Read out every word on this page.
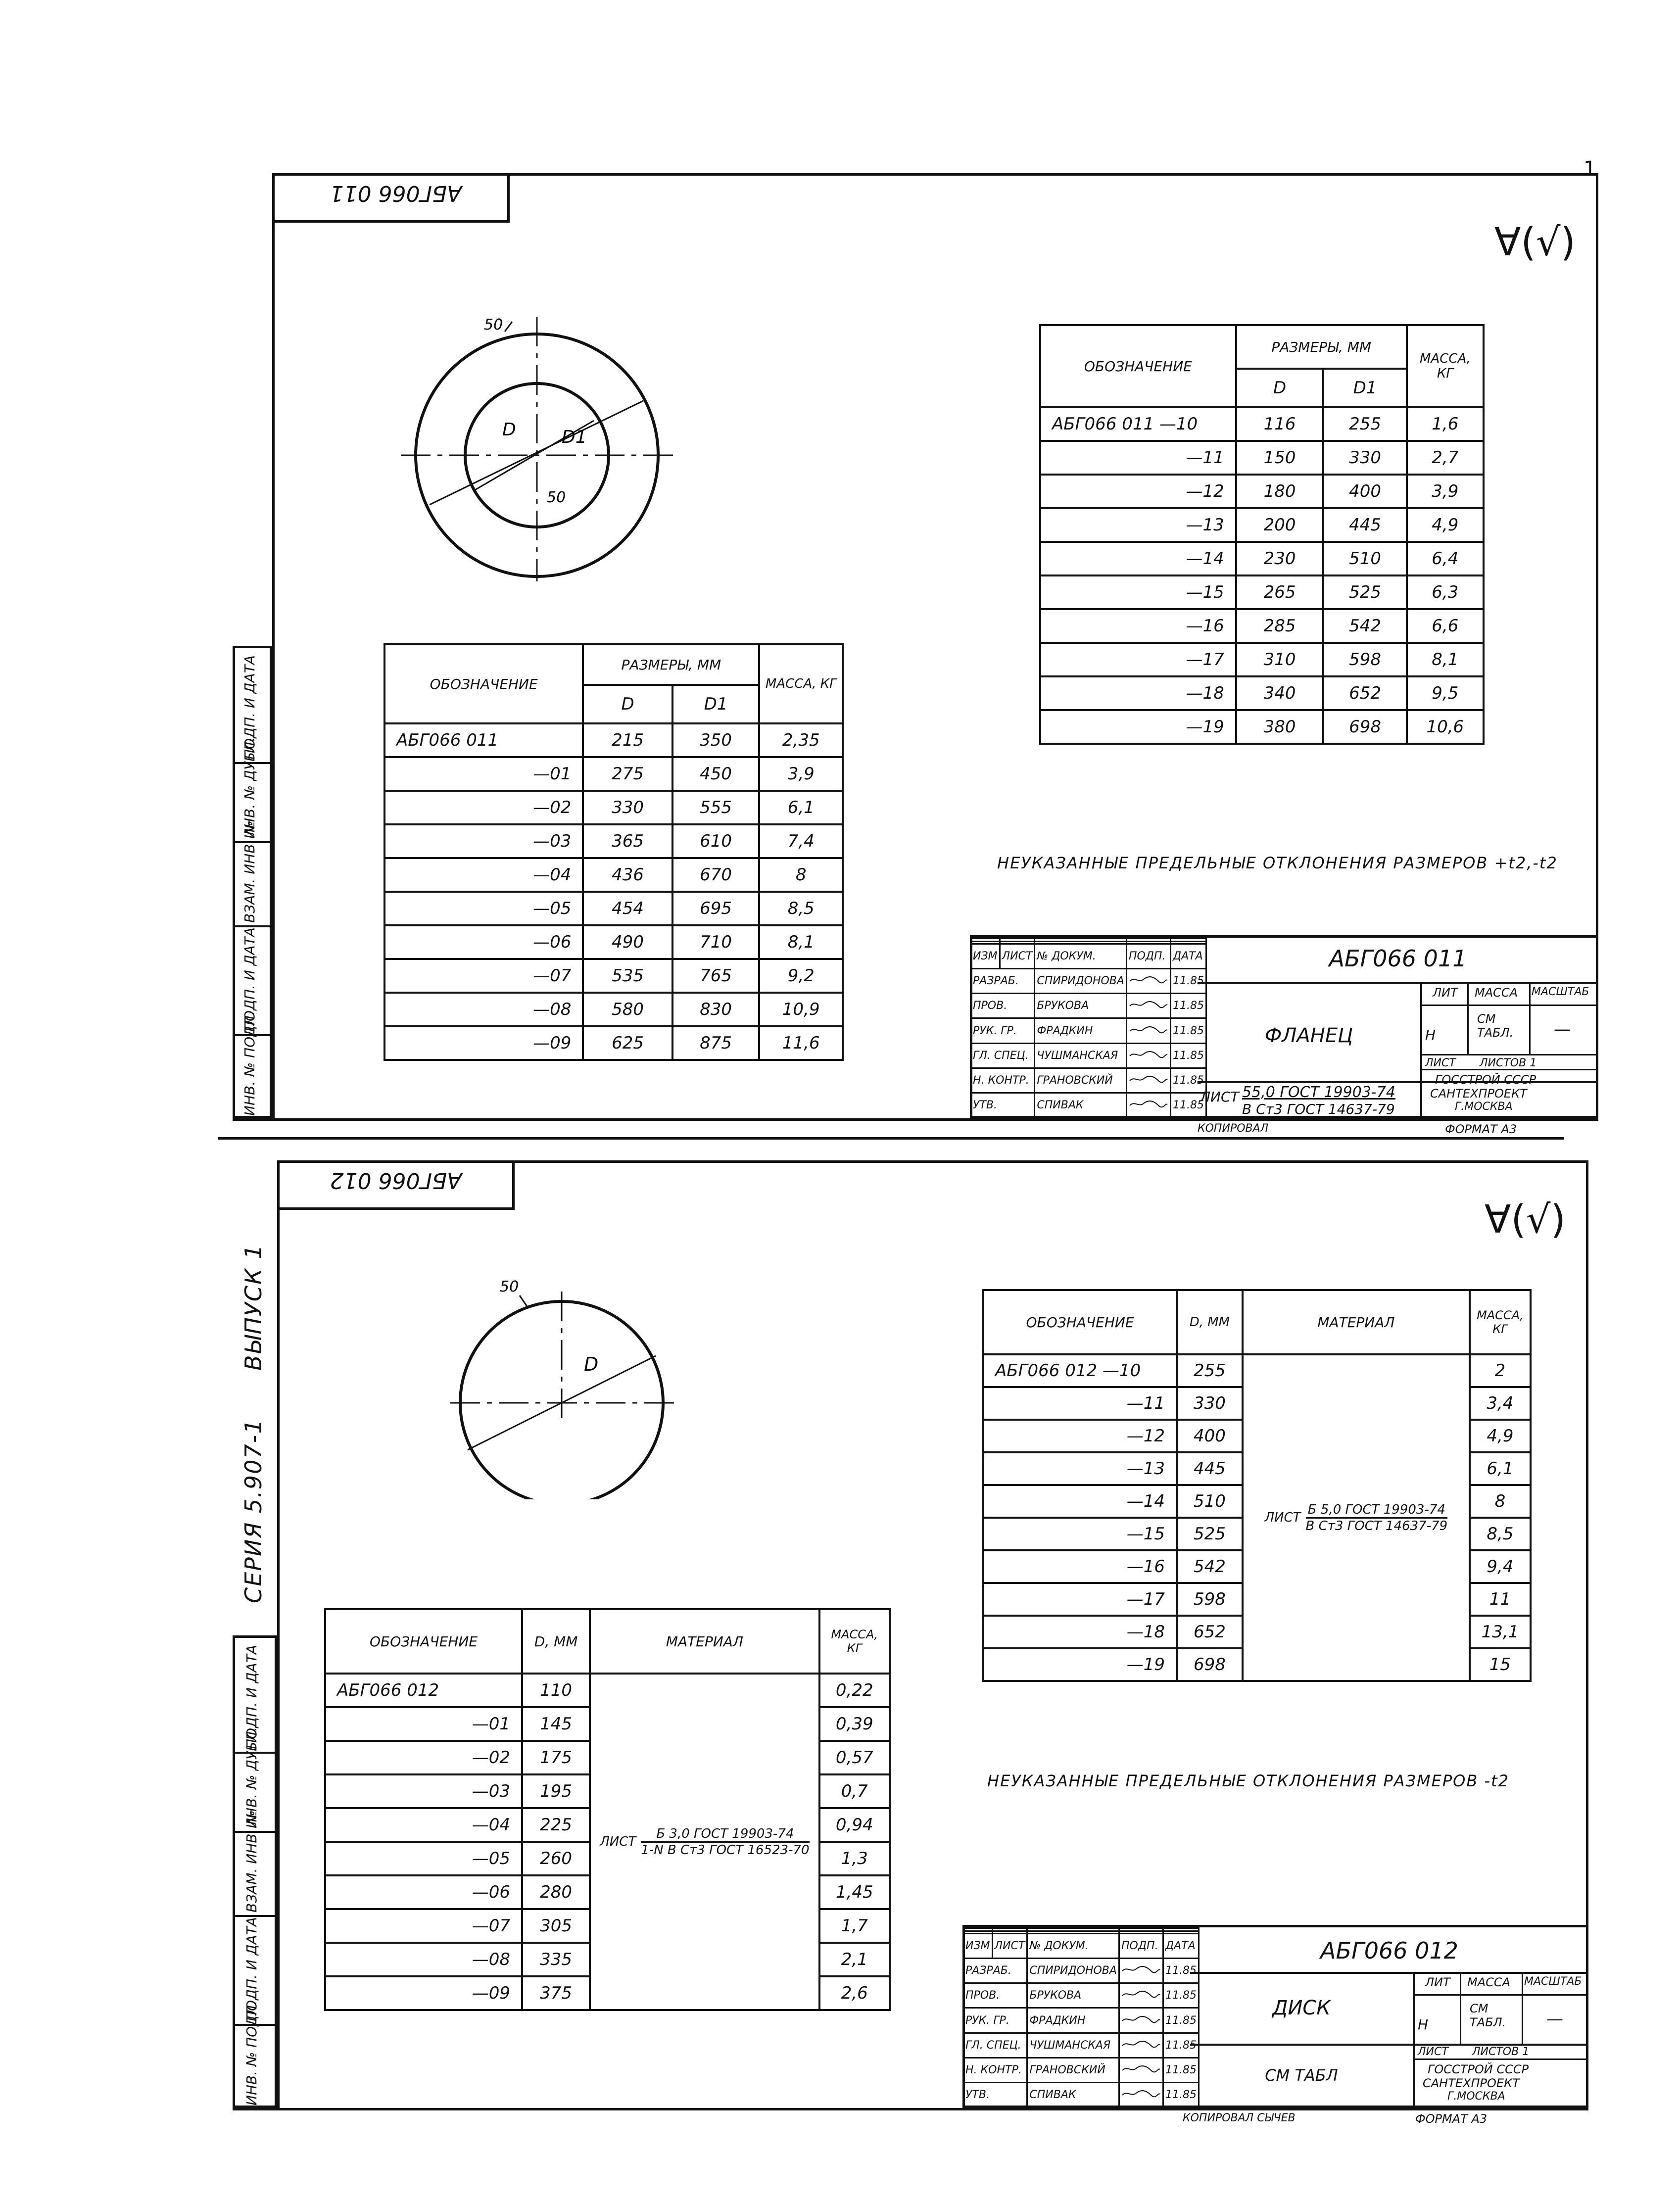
1
АБГ066 011
∀(√)
ИНВ. № ПОДЛ.
ПОДП. И ДАТА
ВЗАМ. ИНВ. №
ИНВ. № ДУБЛ.
ПОДП. И ДАТА
50
50
D	D1
ОБОЗНАЧЕНИЕ	РАЗМЕРЫ, ММ		МАССА, КГ
	D	D1	
АБГ066 011	215	350	2,35
—01	275	450	3,9
—02	330	555	6,1
—03	365	610	7,4
—04	436	670	8
—05	454	695	8,5
—06	490	710	8,1
—07	535	765	9,2
—08	580	830	10,9
—09	625	875	11,6
ОБОЗНАЧЕНИЕ	РАЗМЕРЫ, ММ		МАССА, КГ
	D	D1	
АБГ066 011 —10	116	255	1,6
—11	150	330	2,7
—12	180	400	3,9
—13	200	445	4,9
—14	230	510	6,4
—15	265	525	6,3
—16	285	542	6,6
—17	310	598	8,1
—18	340	652	9,5
—19	380	698	10,6
НЕУКАЗАННЫЕ ПРЕДЕЛЬНЫЕ ОТКЛОНЕНИЯ РАЗМЕРОВ +t2,-t2

ИЗМ	ЛИСТ	№ ДОКУМ.	ПОДП.	ДАТА
РАЗРАБ.		СПИРИДОНОВА		11.85
ПРОВ.		БРУКОВА		11.85
РУК. ГР.		ФРАДКИН		11.85
ГЛ. СПЕЦ.		ЧУШМАНСКАЯ		11.85
Н. КОНТР.		ГРАНОВСКИЙ		11.85
УТВ.		СПИВАК		11.85
АБГ066 011
ФЛАНЕЦ
ЛИСТ 55,0 ГОСТ 19903-74
В Ст3 ГОСТ 14637-79
ЛИТ МАССА МАСШТАБ
Н
СМ ТАБЛ.	—
ЛИСТ ЛИСТОВ 1
ГОССТРОЙ СССР
САНТЕХПРОЕКТ
Г.МОСКВА
КОПИРОВАЛ	ФОРМАТ А3
АБГ066 012
∀(√)
СЕРИЯ 5.907-1
ВЫПУСК 1
ИНВ. № ПОДЛ.
ПОДП. И ДАТА
ВЗАМ. ИНВ. №
ИНВ. № ДУБЛ.
ПОДП. И ДАТА
50
D
ОБОЗНАЧЕНИЕ	D, ММ	МАТЕРИАЛ	МАССА, КГ
АБГ066 012	110	ЛИСТ
Б 3,0 ГОСТ 19903-74
1-N В Ст3 ГОСТ 16523-70	0,22
—01	145		0,39
—02	175		0,57
—03	195		0,7
—04	225		0,94
—05	260		1,3
—06	280		1,45
—07	305		1,7
—08	335		2,1
—09	375		2,6
ОБОЗНАЧЕНИЕ	D, ММ	МАТЕРИАЛ	МАССА, КГ
АБГ066 012 —10	255	ЛИСТ
Б 5,0 ГОСТ 19903-74
В Ст3 ГОСТ 14637-79	2
—11	330		3,4
—12	400		4,9
—13	445		6,1
—14	510		8
—15	525		8,5
—16	542		9,4
—17	598		11
—18	652		13,1
—19	698		15
НЕУКАЗАННЫЕ ПРЕДЕЛЬНЫЕ ОТКЛОНЕНИЯ РАЗМЕРОВ -t2

ИЗМ	ЛИСТ	№ ДОКУМ.	ПОДП.	ДАТА
РАЗРАБ.		СПИРИДОНОВА		11.85
ПРОВ.		БРУКОВА		11.85
РУК. ГР.		ФРАДКИН		11.85
ГЛ. СПЕЦ.		ЧУШМАНСКАЯ		11.85
Н. КОНТР.		ГРАНОВСКИЙ		11.85
УТВ.		СПИВАК		11.85
АБГ066 012
ДИСК
СМ ТАБЛ
ЛИТ МАССА МАСШТАБ
Н
СМ ТАБЛ.	—
ЛИСТ ЛИСТОВ 1
ГОССТРОЙ СССР
САНТЕХПРОЕКТ
Г.МОСКВА
КОПИРОВАЛ СЫЧЕВ	ФОРМАТ А3
